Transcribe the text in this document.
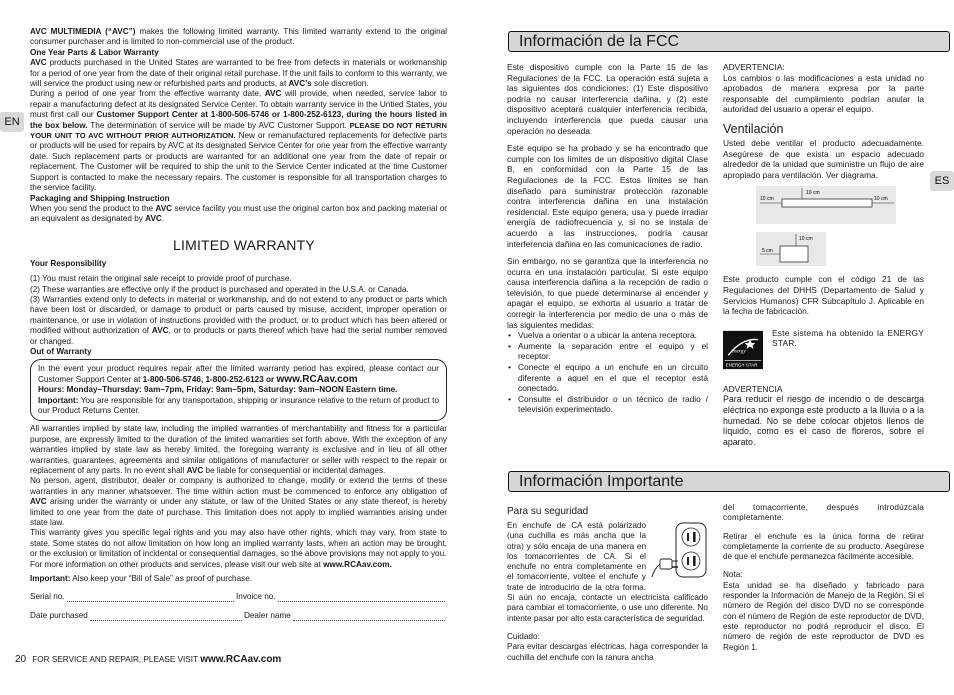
EN

AVC MULTIMEDIA (“AVC”) makes the following limited warranty. This limited warranty extend to the original consumer purchaser and is limited to non-commercial use of the product.

One Year Parts & Labor Warranty

AVC products purchased in the United States are warranted to be free from defects in materials or workmanship for a period of one year from the date of their original retail purchase. If the unit fails to conform to this warranty, we will service the product using new or refurbished parts and products, at AVC’s sole discretion.

During a period of one year from the effective warranty date, AVC will provide, when needed, service labor to repair a manufacturing defect at its designated Service Center. To obtain warranty service in the Untied States, you must first call our Customer Support Center at 1-800-506-5746 or 1-800-252-6123, during the hours listed in the box below. The determination of service will be made by AVC Customer Support. PLEASE DO NOT RETURN YOUR UNIT TO AVC WITHOUT PRIOR AUTHORIZATION. New or remanufactured replacements for defective parts or products will be used for repairs by AVC at its designated Service Center for one year from the effective warranty date. Such replacement parts or products are warranted for an additional one year from the date of repair or replacement. The Customer will be required to ship the unit to the Service Center indicated at the time Customer Support is contacted to make the necessary repairs. The customer is responsible for all transportation charges to the service facility.

Packaging and Shipping Instruction

When you send the product to the AVC service facility you must use the original carton box and packing material or an equivalent as designated by AVC.

LIMITED WARRANTY

Your Responsibility

(1) You must retain the original sale receipt to provide proof of purchase.

(2) These warranties are effective only if the product is purchased and operated in the U.S.A. or Canada.

(3) Warranties extend only to defects in material or workmanship, and do not extend to any product or parts which have been lost or discarded, or damage to product or parts caused by misuse, accident, improper operation or maintenance, or use in violation of instructions provided with the product, or to product which has been altered or modified without authorization of AVC, or to products or parts thereof which have had the serial number removed or changed.

Out of Warranty

In the event your product requires repair after the limited warranty period has expired, please contact our Customer Support Center at 1-800-506-5746, 1-800-252-6123 or www.RCAav.com

Hours: Monday–Thursday: 9am–7pm, Friday: 9am–5pm, Saturday: 9am–NOON Eastern time.

Important: You are responsible for any transportation, shipping or insurance relative to the return of product to our Product Returns Center.

All warranties implied by state law, including the implied warranties of merchantability and fitness for a particular purpose, are expressly limited to the duration of the limited warranties set forth above. With the exception of any warranties implied by state law as hereby limited, the foregoing warranty is exclusive and in lieu of all other warranties, guarantees, agreements and similar obligations of manufacturer or seller with respect to the repair or replacement of any parts. In no event shall AVC be liable for consequential or incidental damages.

No person, agent, distributor, dealer or company is authorized to change, modify or extend the terms of these warranties in any manner whatsoever. The time within action must be commenced to enforce any obligation of AVC arising under the warranty or under any statute, or law of the United States or any state thereof, is hereby limited to one year from the date of purchase. This limitation does not apply to implied warranties arising under state law.

This warranty gives you specific legal rights and you may also have other rights, which may vary, from state to state. Some states do not allow limitation on how long an implied warranty lasts, when an action may be brought, or the exclusion or limitation of incidental or consequential damages, so the above provisions may not apply to you.

For more information on other products and services, please visit our web site at www.RCAav.com.

Important: Also keep your “Bill of Sale” as proof of purchase.

Serial no.	Invoice no.
Date purchased	Dealer name
20 FOR SERVICE AND REPAIR, PLEASE VISIT www.RCAav.com
ES
Información de la FCC

Este dispositivo cumple con la Parte 15 de las Regulaciones de la FCC. La operación está sujeta a las siguientes dos condiciones: (1) Este dispositivo podría no causar interferencia dañina, y (2) este dispositivo aceptará cualquier interferencia recibida, incluyendo interferencia que pueda causar una operación no deseada.

Este equipo se ha probado y se ha encontrado que cumple con los límites de un dispositivo digital Clase B, en conformidad con la Parte 15 de las Regulaciones de la FCC. Estos límites se han diseñado para suministrar protección razonable contra interferencia dañina en una instalación residencial. Este equipo genera, usa y puede irradiar energía de radiofrecuencia y, si no se instala de acuerdo a las instrucciones, podría causar interferencia dañina en las comunicaciones de radio.

Sin embargo, no se garantiza que la interferencia no ocurra en una instalación particular. Si este equipo causa interferencia dañina a la recepción de radio o televisión, lo que puede determinarse al encender y apagar el equipo, se exhorta al usuario a tratar de corregir la interferencia por medio de una o más de las siguientes medidas:

• Vuelva a orientar o a ubicar la antena receptora.
• Aumente la separación entre el equipo y el receptor.
• Conecte el equipo a un enchufe en un circuito diferente a aquel en el que el receptor está conectado.
• Consulte el distribuidor o un técnico de radio / televisión experimentado.

ADVERTENCIA:

Los cambios o las modificaciones a esta unidad no aprobados de manera expresa por la parte responsable del cumplimiento podrían anular la autoridad del usuario a operar el equipo.

Ventilación

Usted debe ventilar el producto adecuadamente. Asegúrese de que exista un espacio adecuado alrededor de la unidad que suministre un flujo de aire apropiado para ventilación. Ver diagrama.

10 cm
10 cm	10 cm
10 cm
5 cm

Este producto cumple con el código 21 de las Regulaciones del DHHS (Departamento de Salud y Servicios Humanos) CFR Subcapítulo J. Aplicable en la fecha de fabricación.

energy
ENERGY STAR

Este sistema ha obtenido la ENERGY STAR.

ADVERTENCIA

Para reducir el riesgo de incendio o de descarga eléctrica no exponga este producto a la lluvia o a la humedad. No se debe colocar objetos llenos de líquido, como es el caso de floreros, sobre el aparato.

Información Importante
Para su seguridad

En enchufe de CA está polarizado (una cuchilla es más ancha que la otra) y sólo encaja de una manera en los tomacorrientes de CA. Si el enchufe no entra completamente en el tomacorriente, voltee el enchufe y trate de introducirlo de la otra forma. Si aún no encaja, contacte un electricista calificado para cambiar el tomacorriente, o use uno diferente. No intente pasar por alto esta característica de seguridad.

Cuidado:

Para evitar descargas eléctricas, haga corresponder la cuchilla del enchufe con la ranura ancha

del tomacorriente, después introdúzcala completamente.

Retirar el enchufe es la única forma de retirar completamente la corriente de su producto. Asegúrese de que el enchufe permanezca fácilmente accesible.

Nota:

Esta unidad se ha diseñado y fabricado para responder la Información de Manejo de la Región. Si el número de Región del disco DVD no se corresponde con el número de Región de este reproductor de DVD, este reproductor no podrá reproducir el disco. El número de región de este reproductor de DVD es Región 1.
